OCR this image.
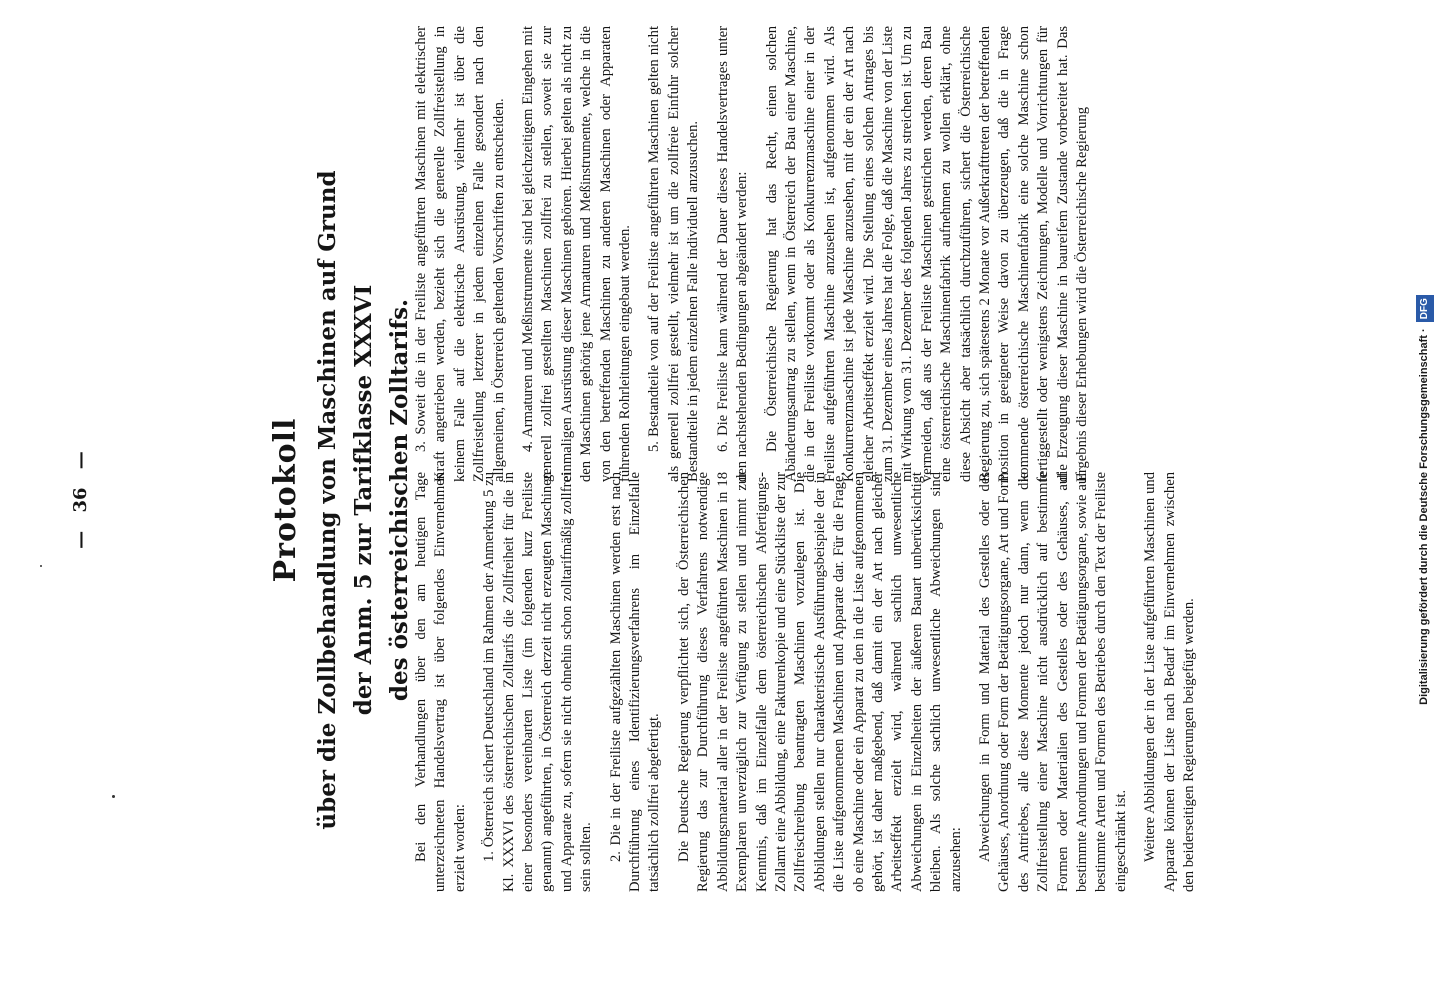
— 36 —	Protokoll über die Zollbehandlung von Maschinen auf Grund der Anm. 5 zur Tarifklasse XXXVI des österreichischen Zolltarifs. Bei den Verhandlungen über den am heutigen Tage unterzeichneten Handelsvertrag ist über folgendes Einvernehmen erzielt worden: 1. Österreich sichert Deutschland im Rahmen der Anmerkung 5 zu Kl. XXXVI des österreichischen Zolltarifs die Zollfreiheit für die in einer besonders vereinbarten Liste (im folgenden kurz Freiliste genannt) angeführten, in Österreich derzeit nicht erzeugten Maschinen und Apparate zu, sofern sie nicht ohnehin schon zolltarifmäßig zollfrei sein sollten. 2. Die in der Freiliste aufgezählten Maschinen werden erst nach Durchführung eines Identifizierungsverfahrens im Einzelfalle tatsächlich zollfrei abgefertigt. Die Deutsche Regierung verpflichtet sich, der Österreichischen Regierung das zur Durchführung dieses Verfahrens notwendige Abbildungsmaterial aller in der Freiliste angeführten Maschinen in 18 Exemplaren unverzüglich zur Verfügung zu stellen und nimmt zur Kenntnis, daß im Einzelfalle dem österreichischen Abfertigungs-Zollamt eine Abbildung, eine Fakturenkopie und eine Stückliste der zur Zollfreischreibung beantragten Maschinen vorzulegen ist. Die Abbildungen stellen nur charakteristische Ausführungsbeispiele der in die Liste aufgenommenen Maschinen und Apparate dar. Für die Frage, ob eine Maschine oder ein Apparat zu den in die Liste aufgenommenen gehört, ist daher maßgebend, daß damit ein der Art nach gleicher Arbeitseffekt erzielt wird, während sachlich unwesentliche Abweichungen in Einzelheiten der äußeren Bauart unberücksichtigt bleiben. Als solche sachlich unwesentliche Abweichungen sind anzusehen: Abweichungen in Form und Material des Gestelles oder des Gehäuses, Anordnung oder Form der Betätigungsorgane, Art und Form des Antriebes, alle diese Momente jedoch nur dann, wenn die Zollfreistellung einer Maschine nicht ausdrücklich auf bestimmte Formen oder Materialien des Gestelles oder des Gehäuses, auf bestimmte Anordnungen und Formen der Betätigungsorgane, sowie auf bestimmte Arten und Formen des Betriebes durch den Text der Freiliste eingeschränkt ist. Weitere Abbildungen der in der Liste aufgeführten Maschinen und Apparate können der Liste nach Bedarf im Einvernehmen zwischen den beiderseitigen Regierungen beigefügt werden.

3. Soweit die in der Freiliste angeführten Maschinen mit elektrischer Kraft angetrieben werden, bezieht sich die generelle Zollfreistellung in keinem Falle auf die elektrische Ausrüstung, vielmehr ist über die Zollfreistellung letzterer in jedem einzelnen Falle gesondert nach den allgemeinen, in Österreich geltenden Vorschriften zu entscheiden. 4. Armaturen und Meßinstrumente sind bei gleichzeitigem Eingehen mit generell zollfrei gestellten Maschinen zollfrei zu stellen, soweit sie zur einmaligen Ausrüstung dieser Maschinen gehören. Hierbei gelten als nicht zu den Maschinen gehörig jene Armaturen und Meßinstrumente, welche in die von den betreffenden Maschinen zu anderen Maschinen oder Apparaten führenden Rohrleitungen eingebaut werden. 5. Bestandteile von auf der Freiliste angeführten Maschinen gelten nicht als generell zollfrei gestellt, vielmehr ist um die zollfreie Einfuhr solcher Bestandteile in jedem einzelnen Falle individuell anzusuchen. 6. Die Freiliste kann während der Dauer dieses Handelsvertrages unter den nachstehenden Bedingungen abgeändert werden: Die Österreichische Regierung hat das Recht, einen solchen Abänderungsantrag zu stellen, wenn in Österreich der Bau einer Maschine, die in der Freiliste vorkommt oder als Konkurrenzmaschine einer in der Freiliste aufgeführten Maschine anzusehen ist, aufgenommen wird. Als Konkurrenzmaschine ist jede Maschine anzusehen, mit der ein der Art nach gleicher Arbeitseffekt erzielt wird. Die Stellung eines solchen Antrages bis zum 31. Dezember eines Jahres hat die Folge, daß die Maschine von der Liste mit Wirkung vom 31. Dezember des folgenden Jahres zu streichen ist. Um zu vermeiden, daß aus der Freiliste Maschinen gestrichen werden, deren Bau eine österreichische Maschinenfabrik aufnehmen zu wollen erklärt, ohne diese Absicht aber tatsächlich durchzuführen, sichert die Österreichische Regierung zu, sich spätestens 2 Monate vor Außerkrafttreten der betreffenden Position in geeigneter Weise davon zu überzeugen, daß die in Frage kommende österreichische Maschinenfabrik eine solche Maschine schon fertiggestellt oder wenigstens Zeichnungen, Modelle und Vorrichtungen für die Erzeugung dieser Maschine in baureifem Zustande vorbereitet hat. Das Ergebnis dieser Erhebungen wird die Österreichische Regierung

Digitalisierung gefördert durch die Deutsche Forschungsgemeinschaft · DFG
